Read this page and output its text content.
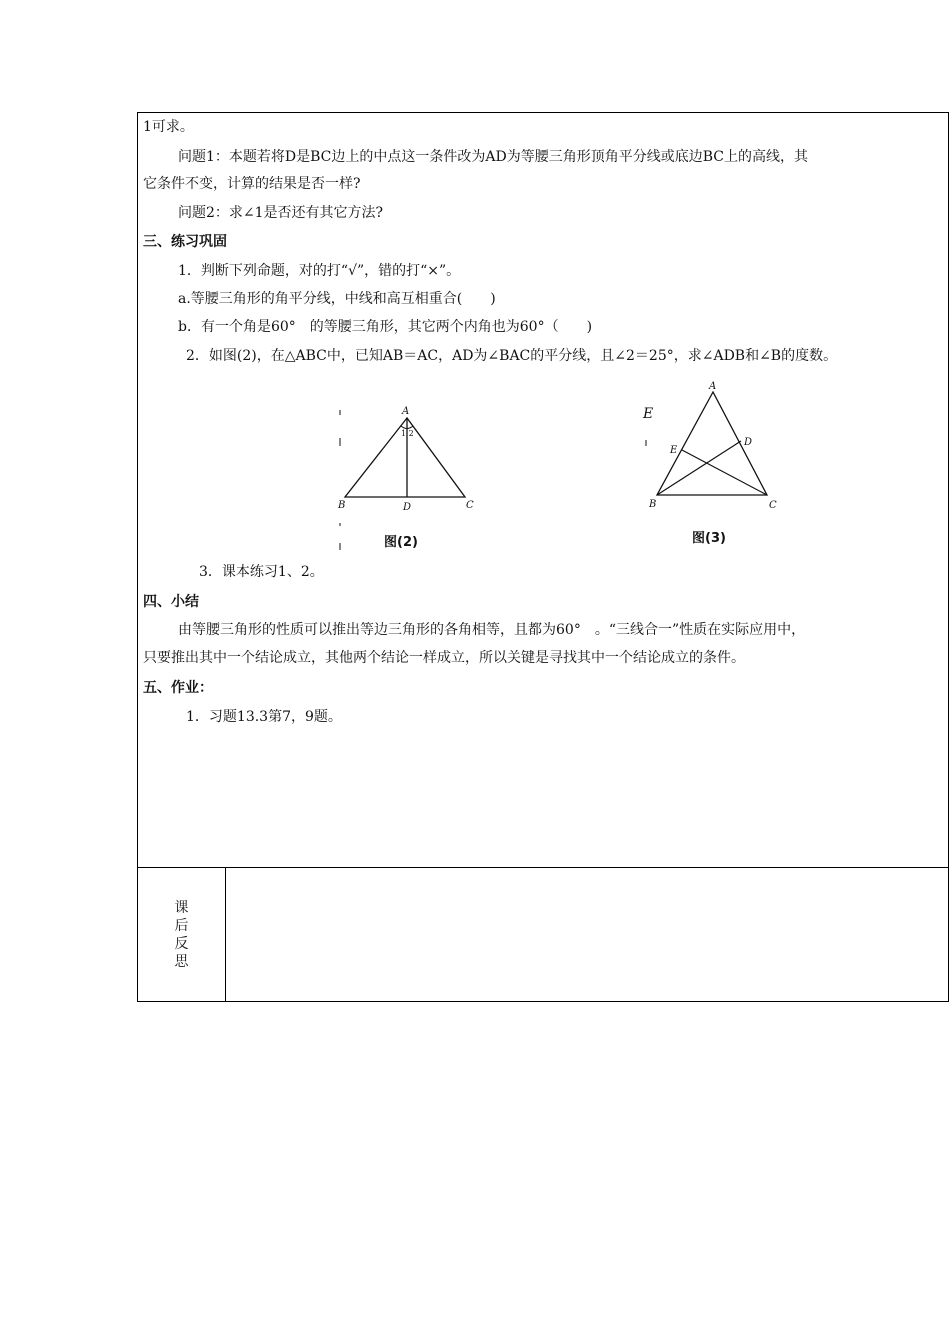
课
后
反
思
1可求。
问题1：本题若将D是BC边上的中点这一条件改为AD为等腰三角形顶角平分线或底边BC上的高线，其
它条件不变，计算的结果是否一样?
问题2：求∠1是否还有其它方法?
三、练习巩固
1．判断下列命题，对的打“√”，错的打“×”。
a.等腰三角形的角平分线，中线和高互相重合(　　)
b．有一个角是60°　的等腰三角形，其它两个内角也为60°（　　)
2．如图(2)，在△ABC中，已知AB＝AC，AD为∠BAC的平分线，且∠2＝25°，求∠ADB和∠B的度数。
A
1 2
B	D	C
图(2)
E
A
E
D
B	C
图(3)
3．课本练习1、2。
四、小结
由等腰三角形的性质可以推出等边三角形的各角相等，且都为60°　。“三线合一”性质在实际应用中，
只要推出其中一个结论成立，其他两个结论一样成立，所以关键是寻找其中一个结论成立的条件。
五、作业：
1．习题13.3第7，9题。
